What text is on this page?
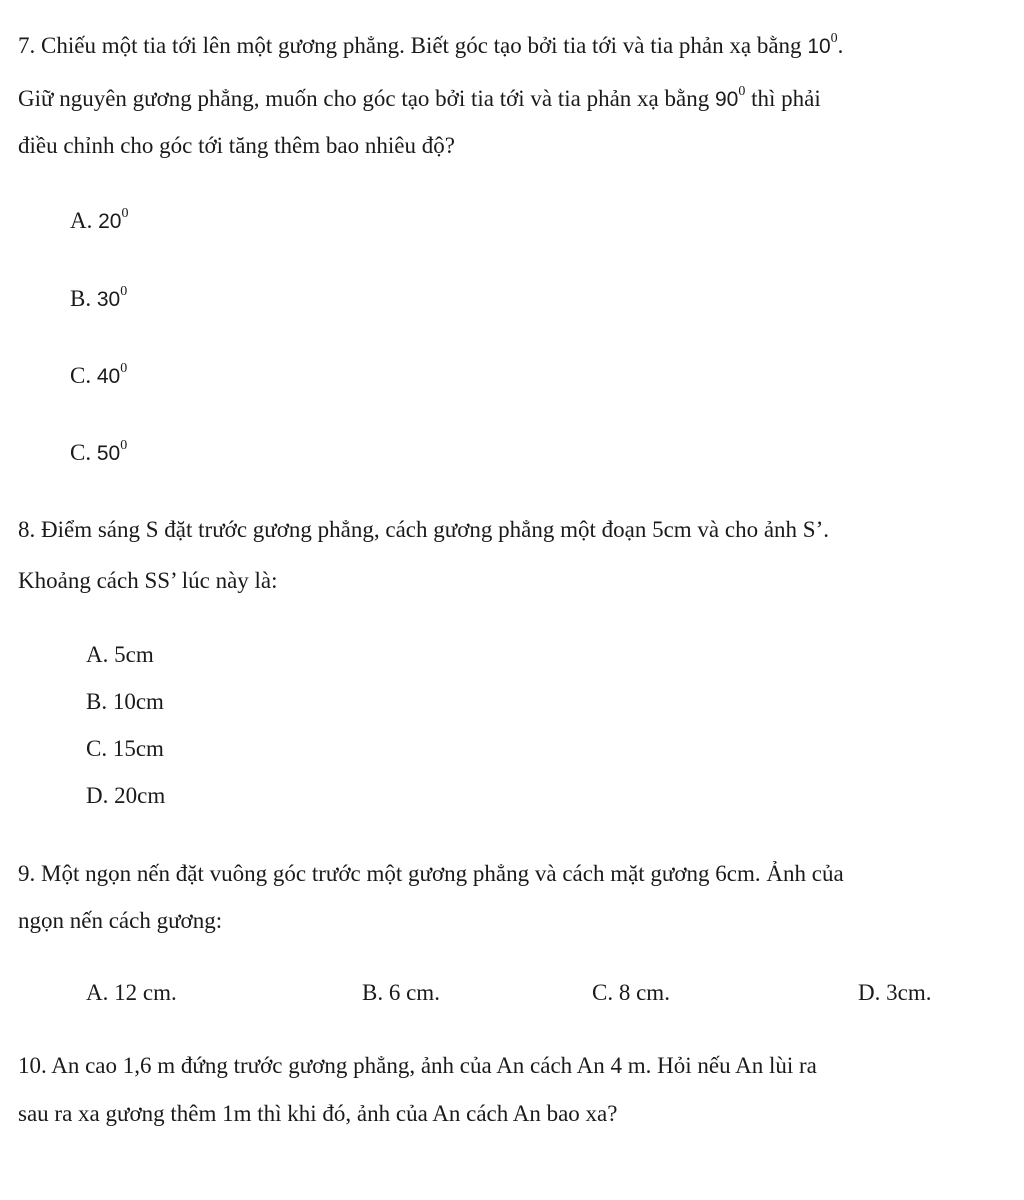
7. Chiếu một tia tới lên một gương phẳng. Biết góc tạo bởi tia tới và tia phản xạ bằng $10^0$.
Giữ nguyên gương phẳng, muốn cho góc tạo bởi tia tới và tia phản xạ bằng $90^0$ thì phải
điều chỉnh cho góc tới tăng thêm bao nhiêu độ?
A. $20^0$
B. $30^0$
C. $40^0$
C. $50^0$
8. Điểm sáng S đặt trước gương phẳng, cách gương phẳng một đoạn 5cm và cho ảnh S’.
Khoảng cách SS’ lúc này là:
A. 5cm
B. 10cm
C. 15cm
D. 20cm
9. Một ngọn nến đặt vuông góc trước một gương phẳng và cách mặt gương 6cm. Ảnh của
ngọn nến cách gương:
A. 12 cm.	B. 6 cm.	C. 8 cm.	D. 3cm.
10. An cao 1,6 m đứng trước gương phẳng, ảnh của An cách An 4 m. Hỏi nếu An lùi ra
sau ra xa gương thêm 1m thì khi đó, ảnh của An cách An bao xa?
